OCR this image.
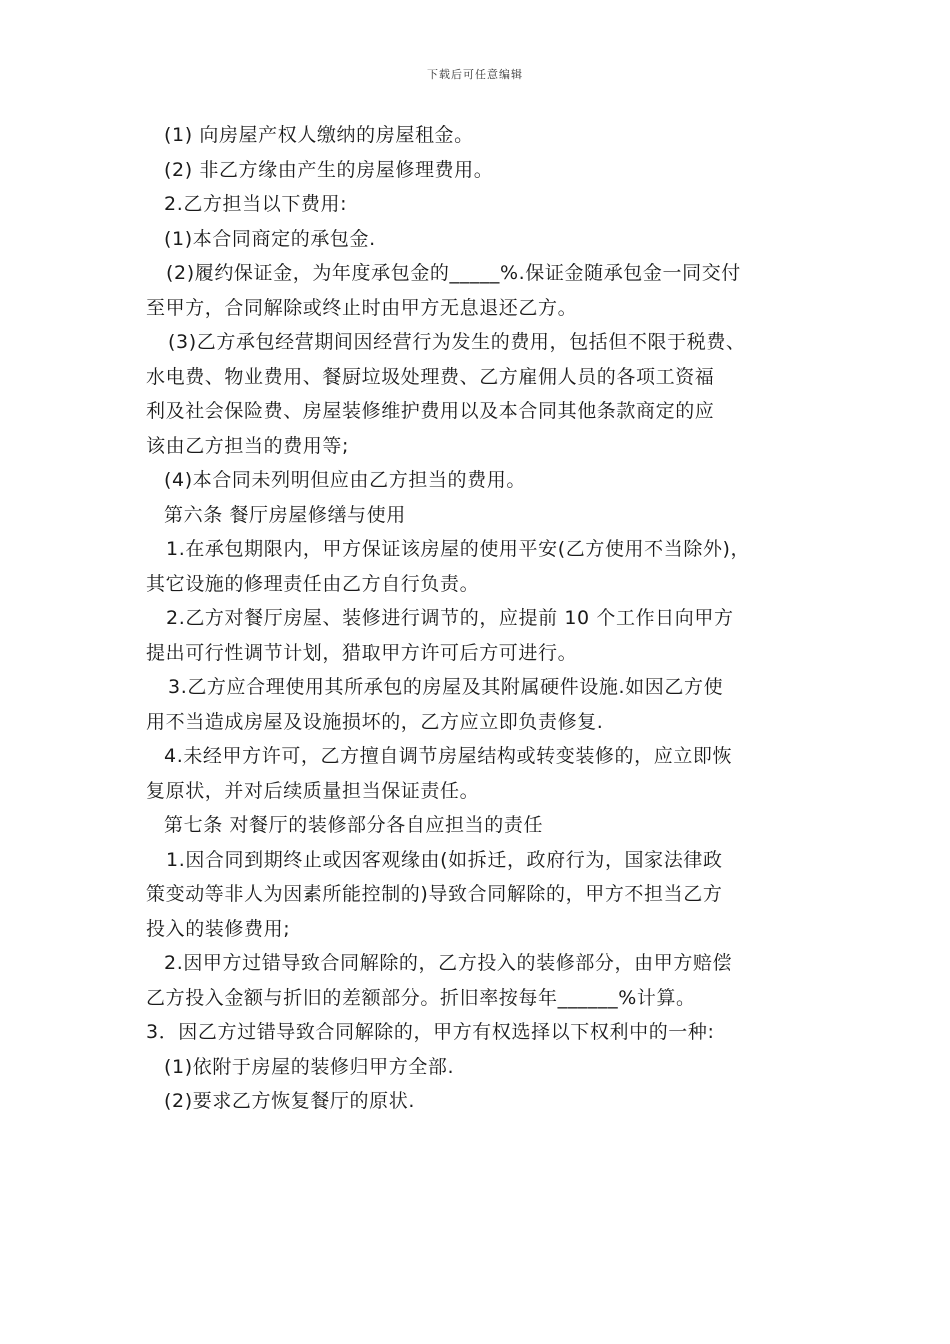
下载后可任意编辑
(1) 向房屋产权人缴纳的房屋租金。
(2) 非乙方缘由产生的房屋修理费用。
2.乙方担当以下费用:
(1)本合同商定的承包金.
(2)履约保证金，为年度承包金的_____%.保证金随承包金一同交付
至甲方，合同解除或终止时由甲方无息退还乙方。
(3)乙方承包经营期间因经营行为发生的费用，包括但不限于税费、
水电费、物业费用、餐厨垃圾处理费、乙方雇佣人员的各项工资福
利及社会保险费、房屋装修维护费用以及本合同其他条款商定的应
该由乙方担当的费用等;
(4)本合同未列明但应由乙方担当的费用。
第六条 餐厅房屋修缮与使用
1.在承包期限内，甲方保证该房屋的使用平安(乙方使用不当除外)，
其它设施的修理责任由乙方自行负责。
2.乙方对餐厅房屋、装修进行调节的，应提前 10 个工作日向甲方
提出可行性调节计划，猎取甲方许可后方可进行。
3.乙方应合理使用其所承包的房屋及其附属硬件设施.如因乙方使
用不当造成房屋及设施损坏的，乙方应立即负责修复.
4.未经甲方许可，乙方擅自调节房屋结构或转变装修的，应立即恢
复原状，并对后续质量担当保证责任。
第七条 对餐厅的装修部分各自应担当的责任
1.因合同到期终止或因客观缘由(如拆迁，政府行为，国家法律政
策变动等非人为因素所能控制的)导致合同解除的，甲方不担当乙方
投入的装修费用;
2.因甲方过错导致合同解除的，乙方投入的装修部分，由甲方赔偿
乙方投入金额与折旧的差额部分。折旧率按每年______%计算。
3．因乙方过错导致合同解除的，甲方有权选择以下权利中的一种:
(1)依附于房屋的装修归甲方全部.
(2)要求乙方恢复餐厅的原状.
